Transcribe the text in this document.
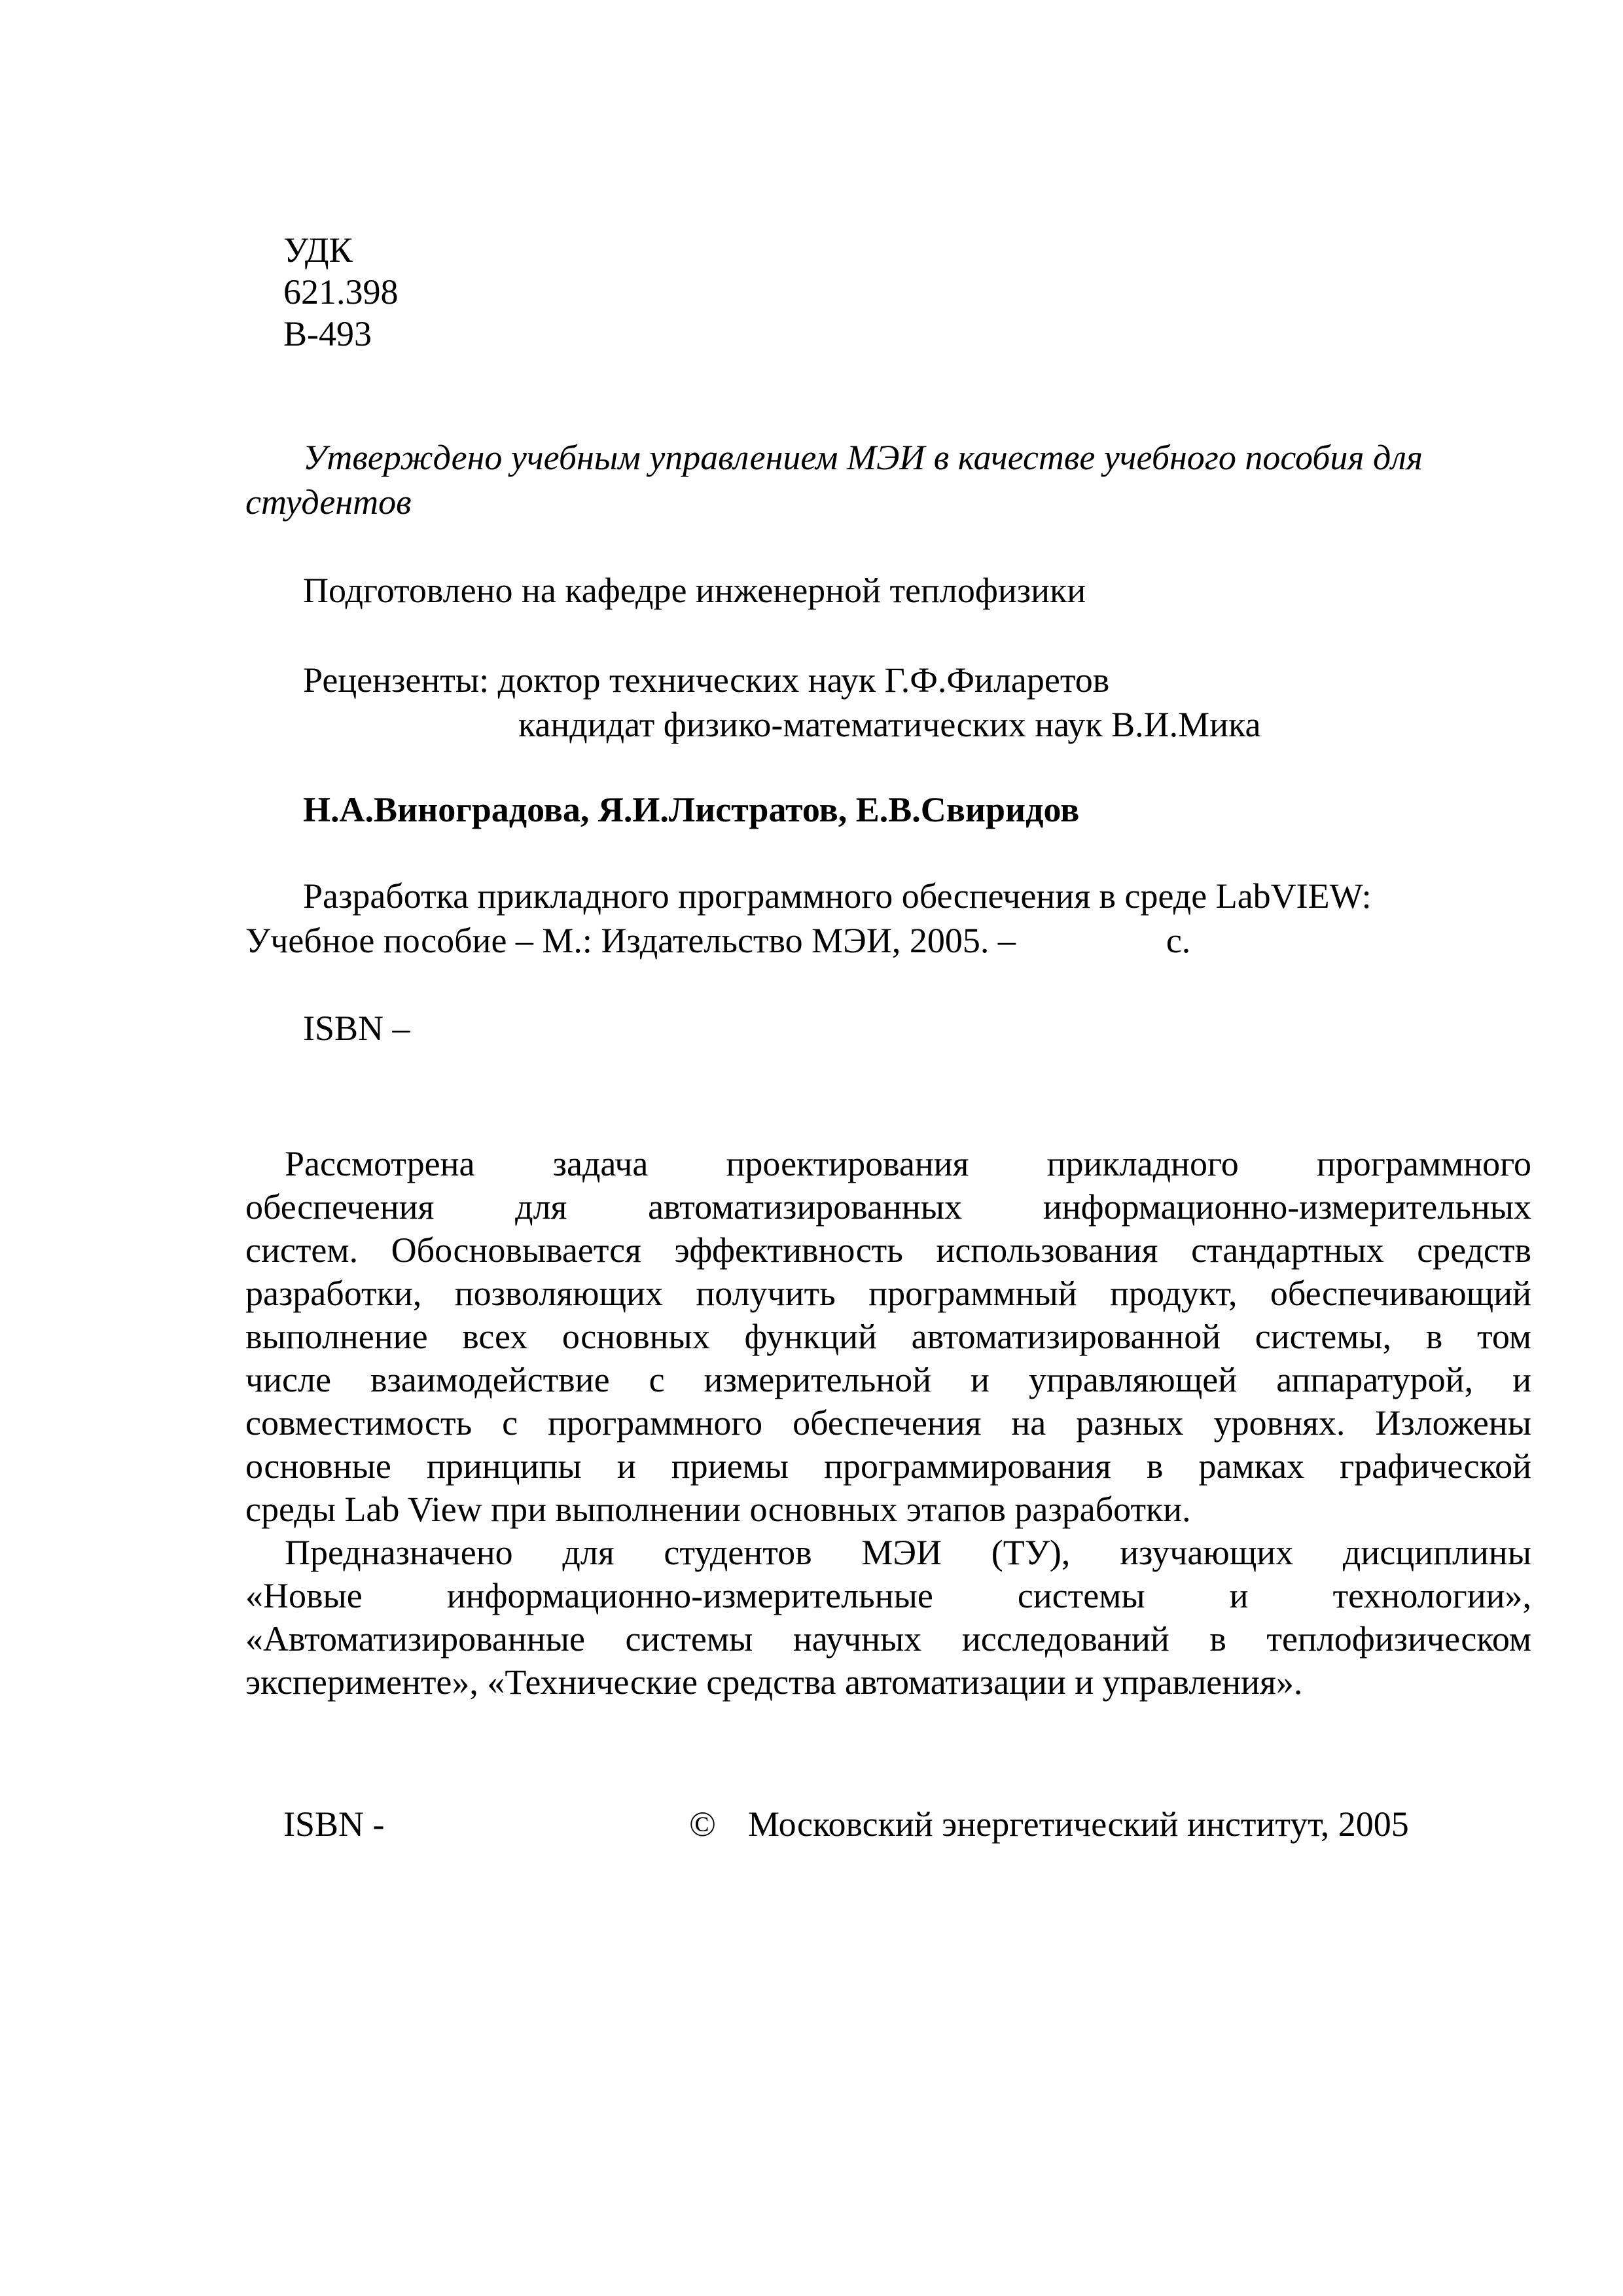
УДК
621.398
В-493
Утверждено учебным управлением МЭИ в качестве учебного пособия для студентов
Подготовлено на кафедре инженерной теплофизики
Рецензенты: доктор технических наук Г.Ф.Филаретов
кандидат физико-математических наук В.И.Мика
Н.А.Виноградова, Я.И.Листратов, Е.В.Свиридов
Разработка прикладного программного обеспечения в среде LabVIEW:
Учебное пособие – М.: Издательство МЭИ, 2005. –	с.
ISBN –
Рассмотрена задача проектирования прикладного программного
обеспечения для автоматизированных информационно-измерительных
систем. Обосновывается эффективность использования стандартных средств
разработки, позволяющих получить программный продукт, обеспечивающий
выполнение всех основных функций автоматизированной системы, в том
числе взаимодействие с измерительной и управляющей аппаратурой, и
совместимость с программного обеспечения на разных уровнях. Изложены
основные принципы и приемы программирования в рамках графической
среды Lab View при выполнении основных этапов разработки.
Предназначено для студентов МЭИ (ТУ), изучающих дисциплины
«Новые информационно-измерительные системы и технологии»,
«Автоматизированные системы научных исследований в теплофизическом
эксперименте», «Технические средства автоматизации и управления».
ISBN -	© Московский энергетический институт, 2005
